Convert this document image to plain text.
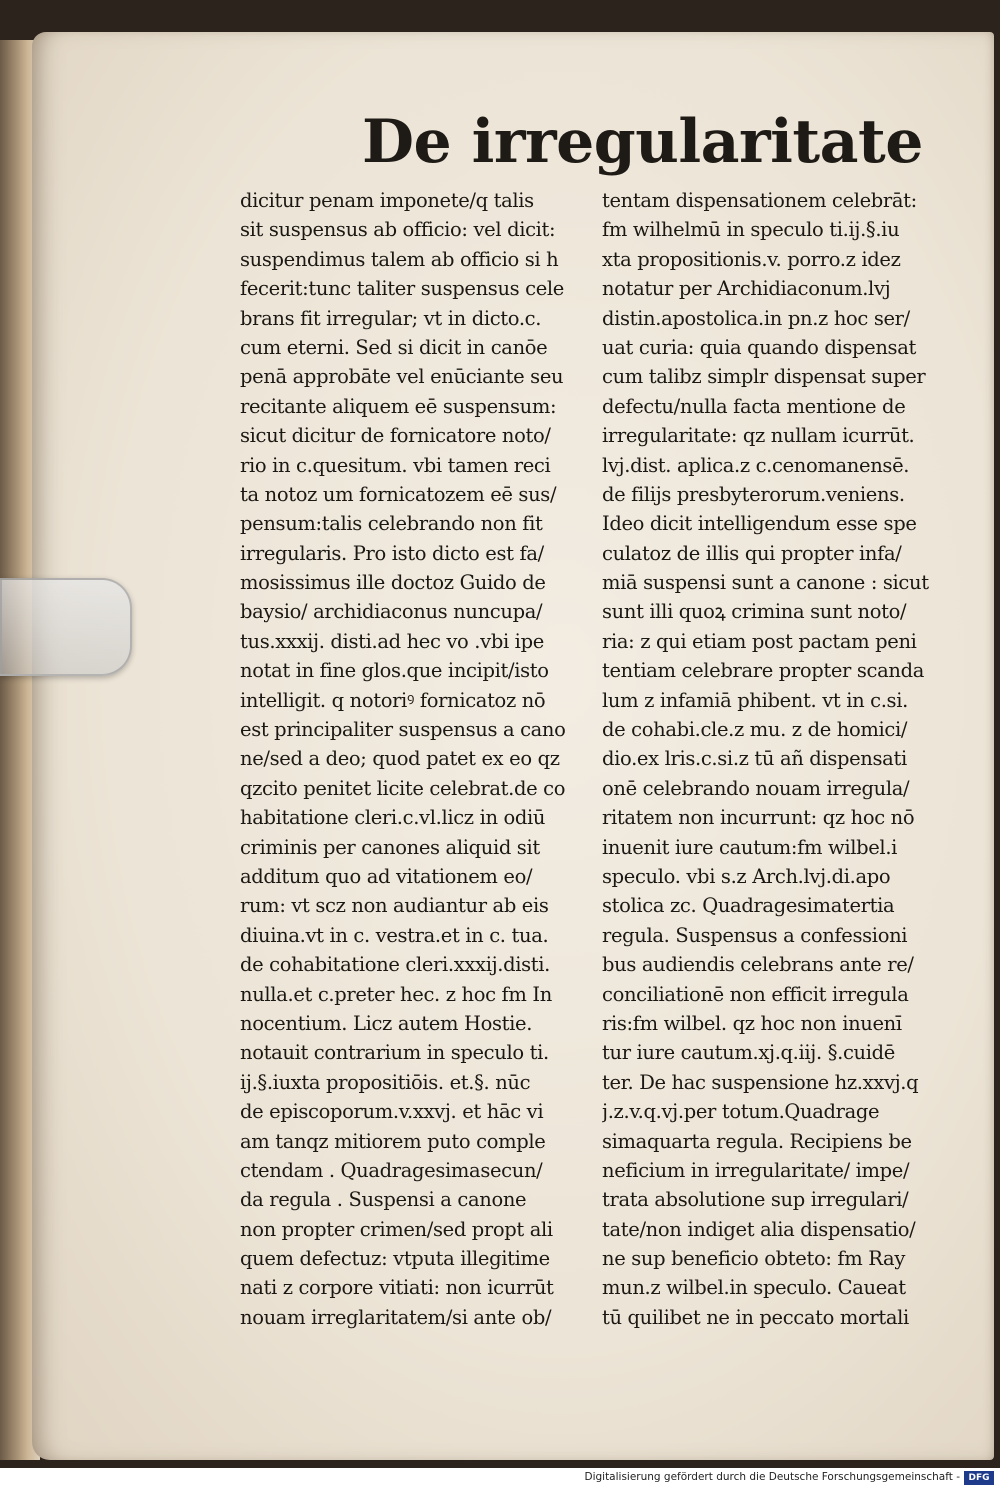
De irregularitate
dicitur penam imponete/q talis
sit suspensus ab officio: vel dicit:
suspendimus talem ab officio si h
fecerit:tunc taliter suspensus cele
brans fit irregular; vt in dicto.c.
cum eterni. Sed si dicit in canōe
penā approbāte vel enūciante seu
recitante aliquem eē suspensum:
sicut dicitur de fornicatore noto/
rio in c.quesitum. vbi tamen reci
ta notoz um fornicatozem eē sus/
pensum:talis celebrando non fit
irregularis. Pro isto dicto est fa/
mosissimus ille doctoz Guido de
baysio/ archidiaconus nuncupa/
tus.xxxij. disti.ad hec vo .vbi ipe
notat in fine glos.que incipit/isto
intelligit. q notoriꝰ fornicatoz nō
est principaliter suspensus a cano
ne/sed a deo; quod patet ex eo qz
qzcito penitet licite celebrat.de co
habitatione cleri.c.vl.licz in odiū
criminis per canones aliquid sit
additum quo ad vitationem eo/
rum: vt scz non audiantur ab eis
diuina.vt in c. vestra.et in c. tua.
de cohabitatione cleri.xxxij.disti.
nulla.et c.preter hec. z hoc fm In
nocentium. Licz autem Hostie.
notauit contrarium in speculo ti.
ij.§.iuxta propositiōis. et.§. nūc
de episcoporum.v.xxvj. et hāc vi
am tanqz mitiorem puto comple
ctendam . Quadragesimasecun/
da regula . Suspensi a canone
non propter crimen/sed propt ali
quem defectuz: vtputa illegitime
nati z corpore vitiati: non icurrūt
nouam irreglaritatem/si ante ob/
tentam dispensationem celebrāt:
fm wilhelmū in speculo ti.ij.§.iu
xta propositionis.v. porro.z idez
notatur per Archidiaconum.lvj
distin.apostolica.in pn.z hoc ser/
uat curia: quia quando dispensat
cum talibz simplr dispensat super
defectu/nulla facta mentione de
irregularitate: qz nullam icurrūt.
lvj.dist. aplica.z c.cenomanensē.
de filijs presbyterorum.veniens.
Ideo dicit intelligendum esse spe
culatoz de illis qui propter infa/
miā suspensi sunt a canone : sicut
sunt illi quoꝝ crimina sunt noto/
ria: z qui etiam post pactam peni
tentiam celebrare propter scanda
lum z infamiā phibent. vt in c.si.
de cohabi.cle.z mu. z de homici/
dio.ex lris.c.si.z tū añ dispensati
onē celebrando nouam irregula/
ritatem non incurrunt: qz hoc nō
inuenit iure cautum:fm wilbel.i
speculo. vbi s.z Arch.lvj.di.apo
stolica zc. Quadragesimatertia
regula. Suspensus a confessioni
bus audiendis celebrans ante re/
conciliationē non efficit irregula
ris:fm wilbel. qz hoc non inuenī
tur iure cautum.xj.q.iij. §.cuidē
ter. De hac suspensione hz.xxvj.q
j.z.v.q.vj.per totum.Quadrage
simaquarta regula. Recipiens be
neficium in irregularitate/ impe/
trata absolutione sup irregulari/
tate/non indiget alia dispensatio/
ne sup beneficio obteto: fm Ray
mun.z wilbel.in speculo. Caueat
tū quilibet ne in peccato mortali
Digitalisierung gefördert durch die Deutsche Forschungsgemeinschaft - DFG
